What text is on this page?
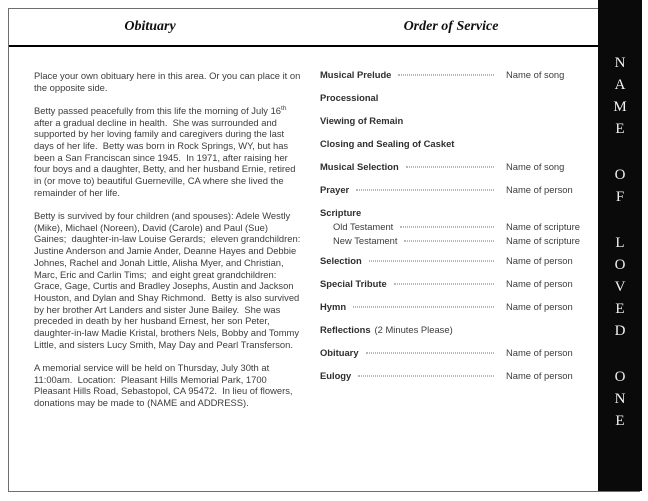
Obituary	Order of Service

Place your own obituary here in this area. Or you can place it on the opposite side.

Betty passed peacefully from this life the morning of July 16th after a gradual decline in health.  She was surrounded and supported by her loving family and caregivers during the last days of her life.  Betty was born in Rock Springs, WY, but has been a San Franciscan since 1945.  In 1971, after raising her four boys and a daughter, Betty, and her husband Ernie, retired in (or move to) beautiful Guerneville, CA where she lived the remainder of her life.

Betty is survived by four children (and spouses): Adele Westly (Mike), Michael (Noreen), David (Carole) and Paul (Sue) Gaines;  daughter-in-law Louise Gerards;  eleven grandchildren: Justine Anderson and Jamie Ander, Deanne Hayes and Debbie Johnes, Rachel and Jonah Little, Alisha Myer, and Christian, Marc, Eric and Carlin Tims;  and eight great grandchildren: Grace, Gage, Curtis and Bradley Josephs, Austin and Jackson Houston, and Dylan and Shay Richmond.  Betty is also survived by her brother Art Landers and sister June Bailey.  She was preceded in death by her husband Ernest, her son Peter, daughter-in-law Madie Kristal, brothers Nels, Bobby and Tommy Little, and sisters Lucy Smith, May Day and Pearl Transferson.

A memorial service will be held on Thursday, July 30th at 11:00am.  Location:  Pleasant Hills Memorial Park, 1700 Pleasant Hills Road, Sebastopol, CA 95472.  In lieu of flowers, donations may be made to (NAME and ADDRESS).

Musical Prelude	Name of song
Processional
Viewing of Remain
Closing and Sealing of Casket
Musical Selection	Name of song
Prayer	Name of person
Scripture
Old Testament	Name of scripture
New Testament	Name of scripture
Selection	Name of person
Special Tribute	Name of person
Hymn	Name of person
Reflections (2 Minutes Please)
Obituary	Name of person
Eulogy	Name of person
N
A
M
E
O
F
L
O
V
E
D
O
N
E
